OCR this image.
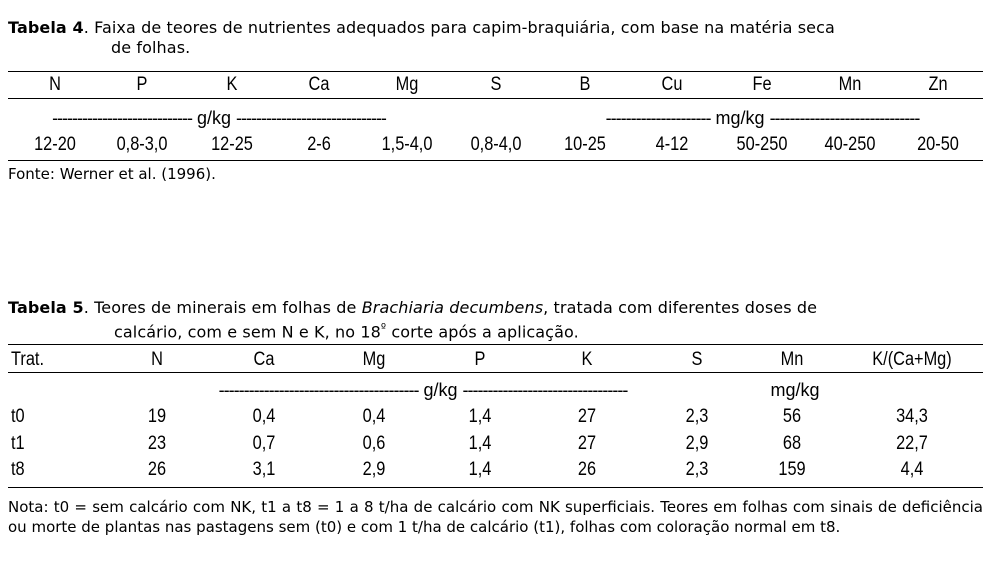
Tabela 4. Faixa de teores de nutrientes adequados para capim-braquiária, com base na matéria seca
de folhas.
N	P	K	Ca	Mg	S	B	Cu	Fe	Mn	Zn
---------------------------- g/kg ------------------------------	--------------------- mg/kg ------------------------------
12-20	0,8-3,0	12-25	2-6	1,5-4,0	0,8-4,0	10-25	4-12	50-250	40-250	20-50
Fonte: Werner et al. (1996).
Tabela 5. Teores de minerais em folhas de Brachiaria decumbens, tratada com diferentes doses de
calcário, com e sem N e K, no $18^º$ corte após a aplicação.
Trat.	N	Ca	Mg	P	K	S	Mn	K/(Ca+Mg)
---------------------------------------- g/kg ---------------------------------	mg/kg
t0	19	0,4	0,4	1,4	27	2,3	56	34,3
t1	23	0,7	0,6	1,4	27	2,9	68	22,7
t8	26	3,1	2,9	1,4	26	2,3	159	4,4
Nota: t0 = sem calcário com NK, t1 a t8 = 1 a 8 t/ha de calcário com NK superficiais. Teores em folhas com sinais de deficiência ou morte de plantas nas pastagens sem (t0) e com 1 t/ha de calcário (t1), folhas com coloração normal em t8.
